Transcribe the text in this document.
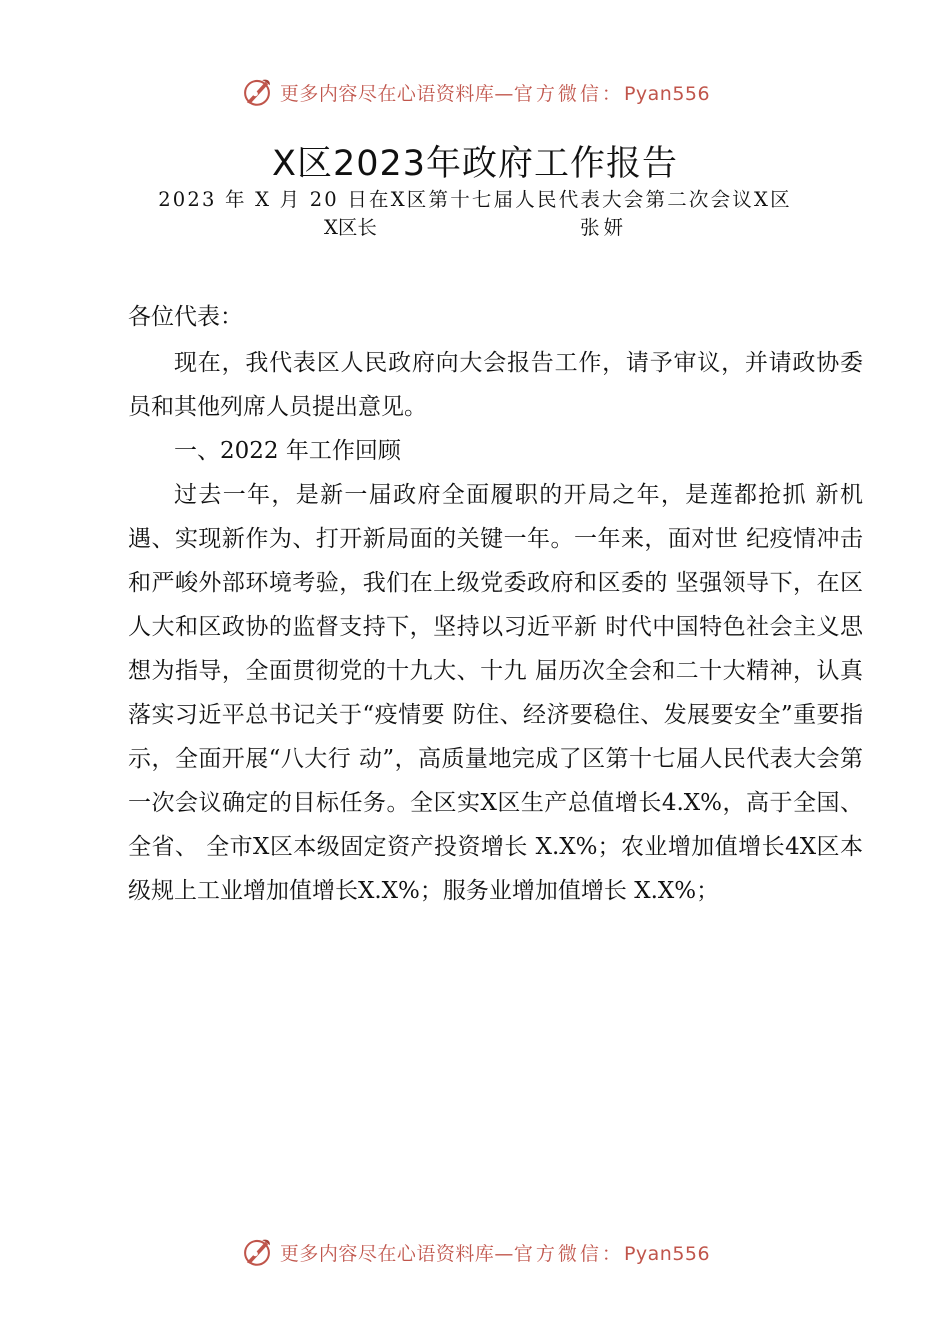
更多内容尽在心语资料库—官方微信：Pyan556
X区2023年政府工作报告
2023 年 X 月 20 日在X区第十七届人民代表大会第二次会议X区
X区长	张妍
各位代表：

现在，我代表区人民政府向大会报告工作，请予审议，并请政协委员和其他列席人员提出意见。

一、2022 年工作回顾

过去一年，是新一届政府全面履职的开局之年，是莲都抢抓 新机遇、实现新作为、打开新局面的关键一年。一年来，面对世 纪疫情冲击和严峻外部环境考验，我们在上级党委政府和区委的 坚强领导下，在区人大和区政协的监督支持下，坚持以习近平新 时代中国特色社会主义思想为指导，全面贯彻党的十九大、十九 届历次全会和二十大精神，认真落实习近平总书记关于“疫情要 防住、经济要稳住、发展要安全”重要指示，全面开展“八大行 动”，高质量地完成了区第十七届人民代表大会第一次会议确定的目标任务。全区实X区生产总值增长4.X%，高于全国、全省、 全市X区本级固定资产投资增长 X.X%；农业增加值增长4X区本级规上工业增加值增长X.X%；服务业增加值增长 X.X%；

更多内容尽在心语资料库—官方微信：Pyan556
